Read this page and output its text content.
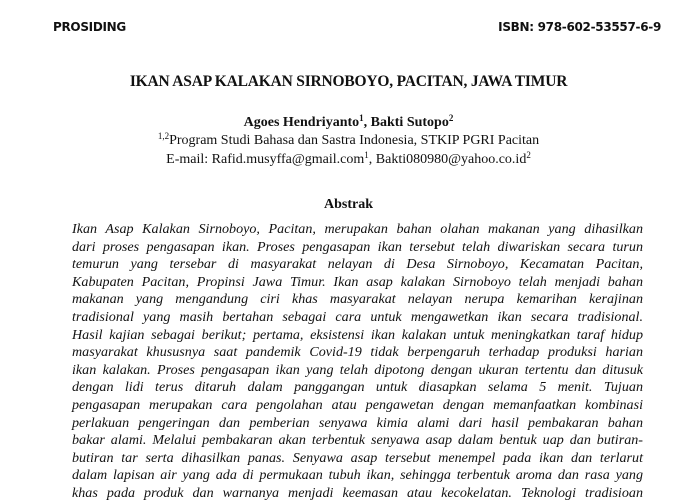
PROSIDING	ISBN: 978-602-53557-6-9
IKAN ASAP KALAKAN SIRNOBOYO, PACITAN, JAWA TIMUR
Agoes Hendriyanto$^1$, Bakti Sutopo$^2$
$^{1,2}$Program Studi Bahasa dan Sastra Indonesia, STKIP PGRI Pacitan
E-mail: Rafid.musyffa@gmail.com$^1$, $Bakti080980@yahoo.co.id^2$
Abstrak
Ikan Asap Kalakan Sirnoboyo, Pacitan, merupakan bahan olahan makanan yang dihasilkan
dari proses pengasapan ikan. Proses pengasapan ikan tersebut telah diwariskan secara turun
temurun yang tersebar di masyarakat nelayan di Desa Sirnoboyo, Kecamatan Pacitan,
Kabupaten Pacitan, Propinsi Jawa Timur. Ikan asap kalakan Sirnoboyo telah menjadi bahan
makanan yang mengandung ciri khas masyarakat nelayan nerupa kemarihan kerajinan
tradisional yang masih bertahan sebagai cara untuk mengawetkan ikan secara tradisional.
Hasil kajian sebagai berikut; pertama, eksistensi ikan kalakan untuk meningkatkan taraf hidup
masyarakat khususnya saat pandemik Covid-19 tidak berpengaruh terhadap produksi harian
ikan kalakan. Proses pengasapan ikan yang telah dipotong dengan ukuran tertentu dan ditusuk
dengan lidi terus ditaruh dalam panggangan untuk diasapkan selama 5 menit. Tujuan
pengasapan merupakan cara pengolahan atau pengawetan dengan memanfaatkan kombinasi
perlakuan pengeringan dan pemberian senyawa kimia alami dari hasil pembakaran bahan
bakar alami. Melalui pembakaran akan terbentuk senyawa asap dalam bentuk uap dan butiran-
butiran tar serta dihasilkan panas. Senyawa asap tersebut menempel pada ikan dan terlarut
dalam lapisan air yang ada di permukaan tubuh ikan, sehingga terbentuk aroma dan rasa yang
khas pada produk dan warnanya menjadi keemasan atau kecokelatan. Teknologi tradisioan
